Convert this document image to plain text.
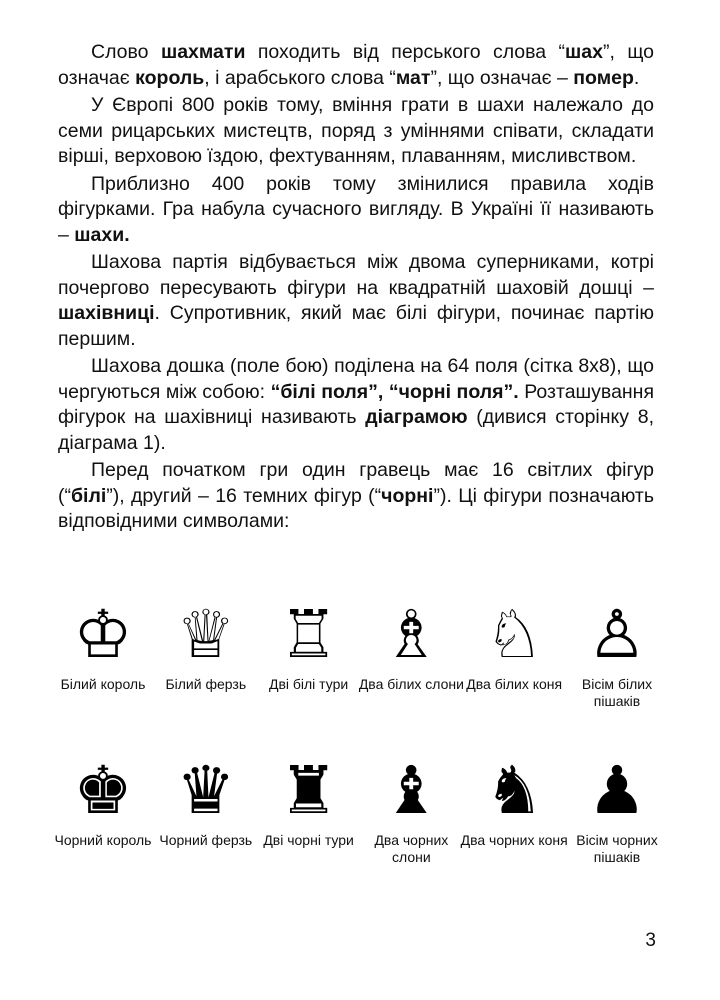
Слово шахмати походить від перського слова “шах”, що означає король, і арабського слова “мат”, що означає – помер.

У Європі 800 років тому, вміння грати в шахи належало до семи рицарських мистецтв, поряд з уміннями співати, складати вірші, верховою їздою, фехтуванням, плаванням, мисливством.

Приблизно 400 років тому змінилися правила ходів фігурками. Гра набула сучасного вигляду. В Україні її називають – шахи.

Шахова партія відбувається між двома суперниками, котрі почергово пересувають фігури на квадратній шаховій дошці – шахівниці. Супротивник, який має білі фігури, починає партію першим.

Шахова дошка (поле бою) поділена на 64 поля (сітка 8х8), що чергуються між собою: “білі поля”, “чорні поля”. Розташування фігурок на шахівниці називають діаграмою (дивися сторінку 8, діаграма 1).

Перед початком гри один гравець має 16 світлих фігур (“білі”), другий – 16 темних фігур (“чорні”). Ці фігури позначають відповідними символами:

♔
Білий король
♕
Білий ферзь
♖
Дві білі тури
♗
Два білих слони
♘
Два білих коня
♙
Вісім білих пішаків
♚
Чорний король
♛
Чорний ферзь
♜
Дві чорні тури
♝
Два чорних слони
♞
Два чорних коня
♟
Вісім чорних пішаків
3
